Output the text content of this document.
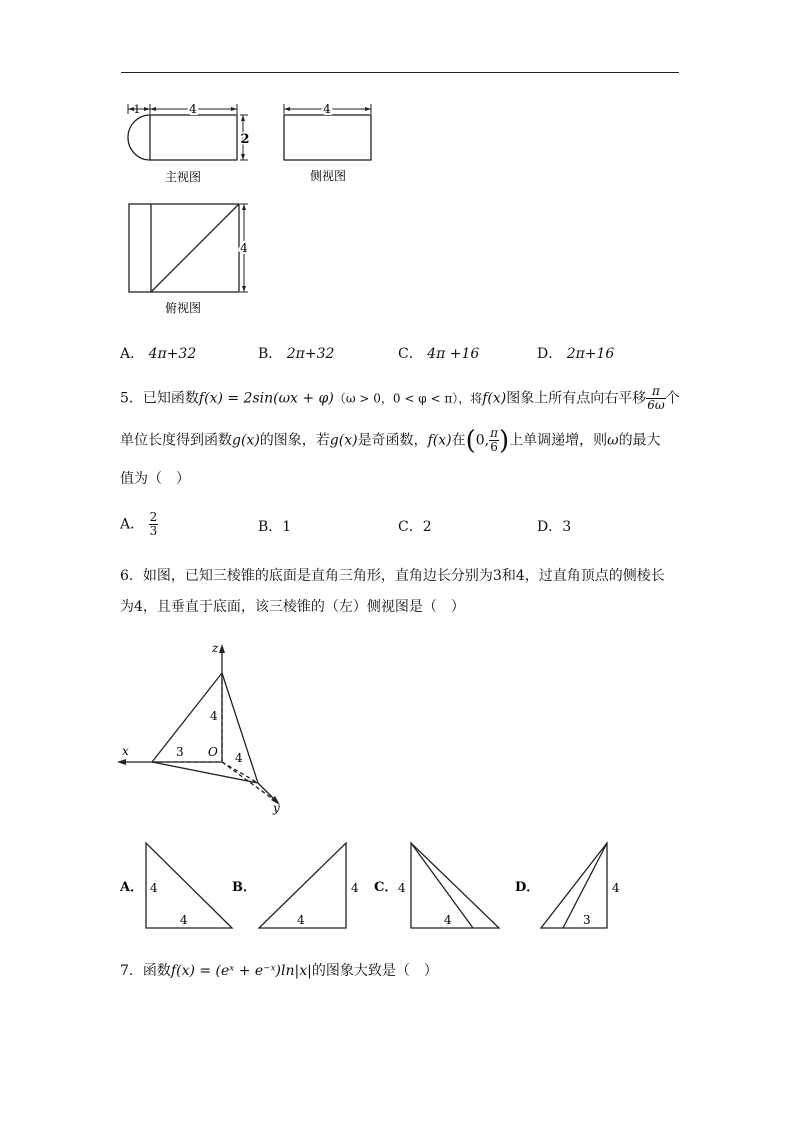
1	4
2
主视图
4
侧视图
4
俯视图
A． 4π+32	B． 2π+32	C． 4π +16	D． 2π+16
5．已知函数f(x) = 2sin(ωx + φ)（ω > 0，0 < φ < π），将f(x)图象上所有点向右平移 $\frac{\pi}{6\omega}$ 个
单位长度得到函数g(x)的图象，若g(x)是奇函数，f(x)在(0, $\frac{\pi}{6}$ )上单调递增，则ω的最大
值为（　）
A． $\frac{2}{3}$	B．1	C．2	D．3
6．如图，已知三棱锥的底面是直角三角形，直角边长分别为3和4，过直角顶点的侧棱长
为4，且垂直于底面，该三棱锥的（左）侧视图是（　）
z
x
y
O
4
3	4
A． 4
4
B．	4
4
C． 4
4
D．	4
3
7．函数f(x) = (eˣ + e⁻ˣ)ln|x|的图象大致是（　）
